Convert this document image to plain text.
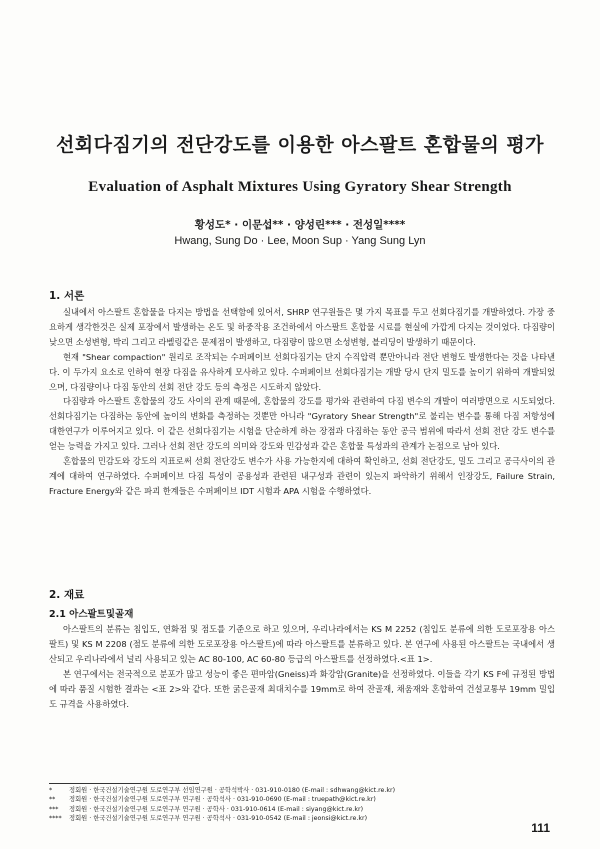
선회다짐기의 전단강도를 이용한 아스팔트 혼합물의 평가
Evaluation of Asphalt Mixtures Using Gyratory Shear Strength
황성도* · 이문섭** · 양성린*** · 전성일****
Hwang, Sung Do · Lee, Moon Sup · Yang Sung Lyn
1. 서론

실내에서 아스팔트 혼합물을 다지는 방법을 선택함에 있어서, SHRP 연구원들은 몇 가지 목표를 두고 선회다짐기를 개발하였다. 가장 중요하게 생각한것은 실제 포장에서 발생하는 온도 및 하중작용 조건하에서 아스팔트 혼합물 시료를 현실에 가깝게 다지는 것이었다. 다짐량이 낮으면 소성변형, 박리 그리고 라벨링같은 문제점이 발생하고, 다짐량이 많으면 소성변형, 블리딩이 발생하기 때문이다.

현재 "Shear compaction" 원리로 조작되는 수퍼페이브 선회다짐기는 단지 수직압력 뿐만아니라 전단 변형도 발생한다는 것을 나타낸다. 이 두가지 요소로 인하여 현장 다짐을 유사하게 모사하고 있다. 수퍼페이브 선회다짐기는 개발 당시 단지 밀도를 높이기 위하여 개발되었으며, 다짐량이나 다짐 동안의 선회 전단 강도 등의 측정은 시도하지 않았다.

다짐량과 아스팔트 혼합물의 강도 사이의 관계 때문에, 혼합물의 강도를 평가와 관련하여 다짐 변수의 개발이 여러방면으로 시도되었다. 선회다짐기는 다짐하는 동안에 높이의 변화를 측정하는 것뿐만 아니라 "Gyratory Shear Strength"로 불리는 변수를 통해 다짐 저항성에 대한연구가 이루어지고 있다. 이 같은 선회다짐기는 시험을 단순하게 하는 장점과 다짐하는 동안 공극 범위에 따라서 선회 전단 강도 변수를 얻는 능력을 가지고 있다. 그러나 선회 전단 강도의 의미와 강도와 민감성과 같은 혼합물 특성과의 관계가 논점으로 남아 있다.

혼합물의 민감도와 강도의 지표로써 선회 전단강도 변수가 사용 가능한지에 대하여 확인하고, 선회 전단강도, 밀도 그리고 공극사이의 관계에 대하여 연구하였다. 수퍼페이브 다짐 특성이 공용성과 관련된 내구성과 관련이 있는지 파악하기 위해서 인장강도, Failure Strain, Fracture Energy와 같은 파괴 한계들은 수퍼페이브 IDT 시험과 APA 시험을 수행하였다.

2. 재료
2.1 아스팔트및골재

아스팔트의 분류는 침입도, 연화점 및 점도를 기준으로 하고 있으며, 우리나라에서는 KS M 2252 (침입도 분류에 의한 도로포장용 아스팔트) 및 KS M 2208 (점도 분류에 의한 도로포장용 아스팔트)에 따라 아스팔트를 분류하고 있다. 본 연구에 사용된 아스팔트는 국내에서 생산되고 우리나라에서 널리 사용되고 있는 AC 80-100, AC 60-80 등급의 아스팔트를 선정하였다.<표 1>.

본 연구에서는 전국적으로 분포가 많고 성능이 좋은 편마암(Gneiss)과 화강암(Granite)을 선정하였다. 이들을 각기 KS F에 규정된 방법에 따라 품질 시험한 결과는 <표 2>와 같다. 또한 굵은골재 최대치수를 19mm로 하여 잔골재, 채움재와 혼합하여 건설교통부 19mm 밀입도 규격을 사용하였다.

*	정회원 · 한국건설기술연구원 도로연구부 선임연구원 · 공학석박사 · 031-910-0180 (E-mail : sdhwang@kict.re.kr)
**	정회원 · 한국건설기술연구원 도로연구부 연구원 · 공학석사 · 031-910-0690 (E-mail : truepath@kict.re.kr)
***	정회원 · 한국건설기술연구원 도로연구부 연구원 · 공학사 · 031-910-0614 (E-mail : siyang@kict.re.kr)
****	정회원 · 한국건설기술연구원 도로연구부 연구원 · 공학석사 · 031-910-0542 (E-mail : jeonsi@kict.re.kr)
111
